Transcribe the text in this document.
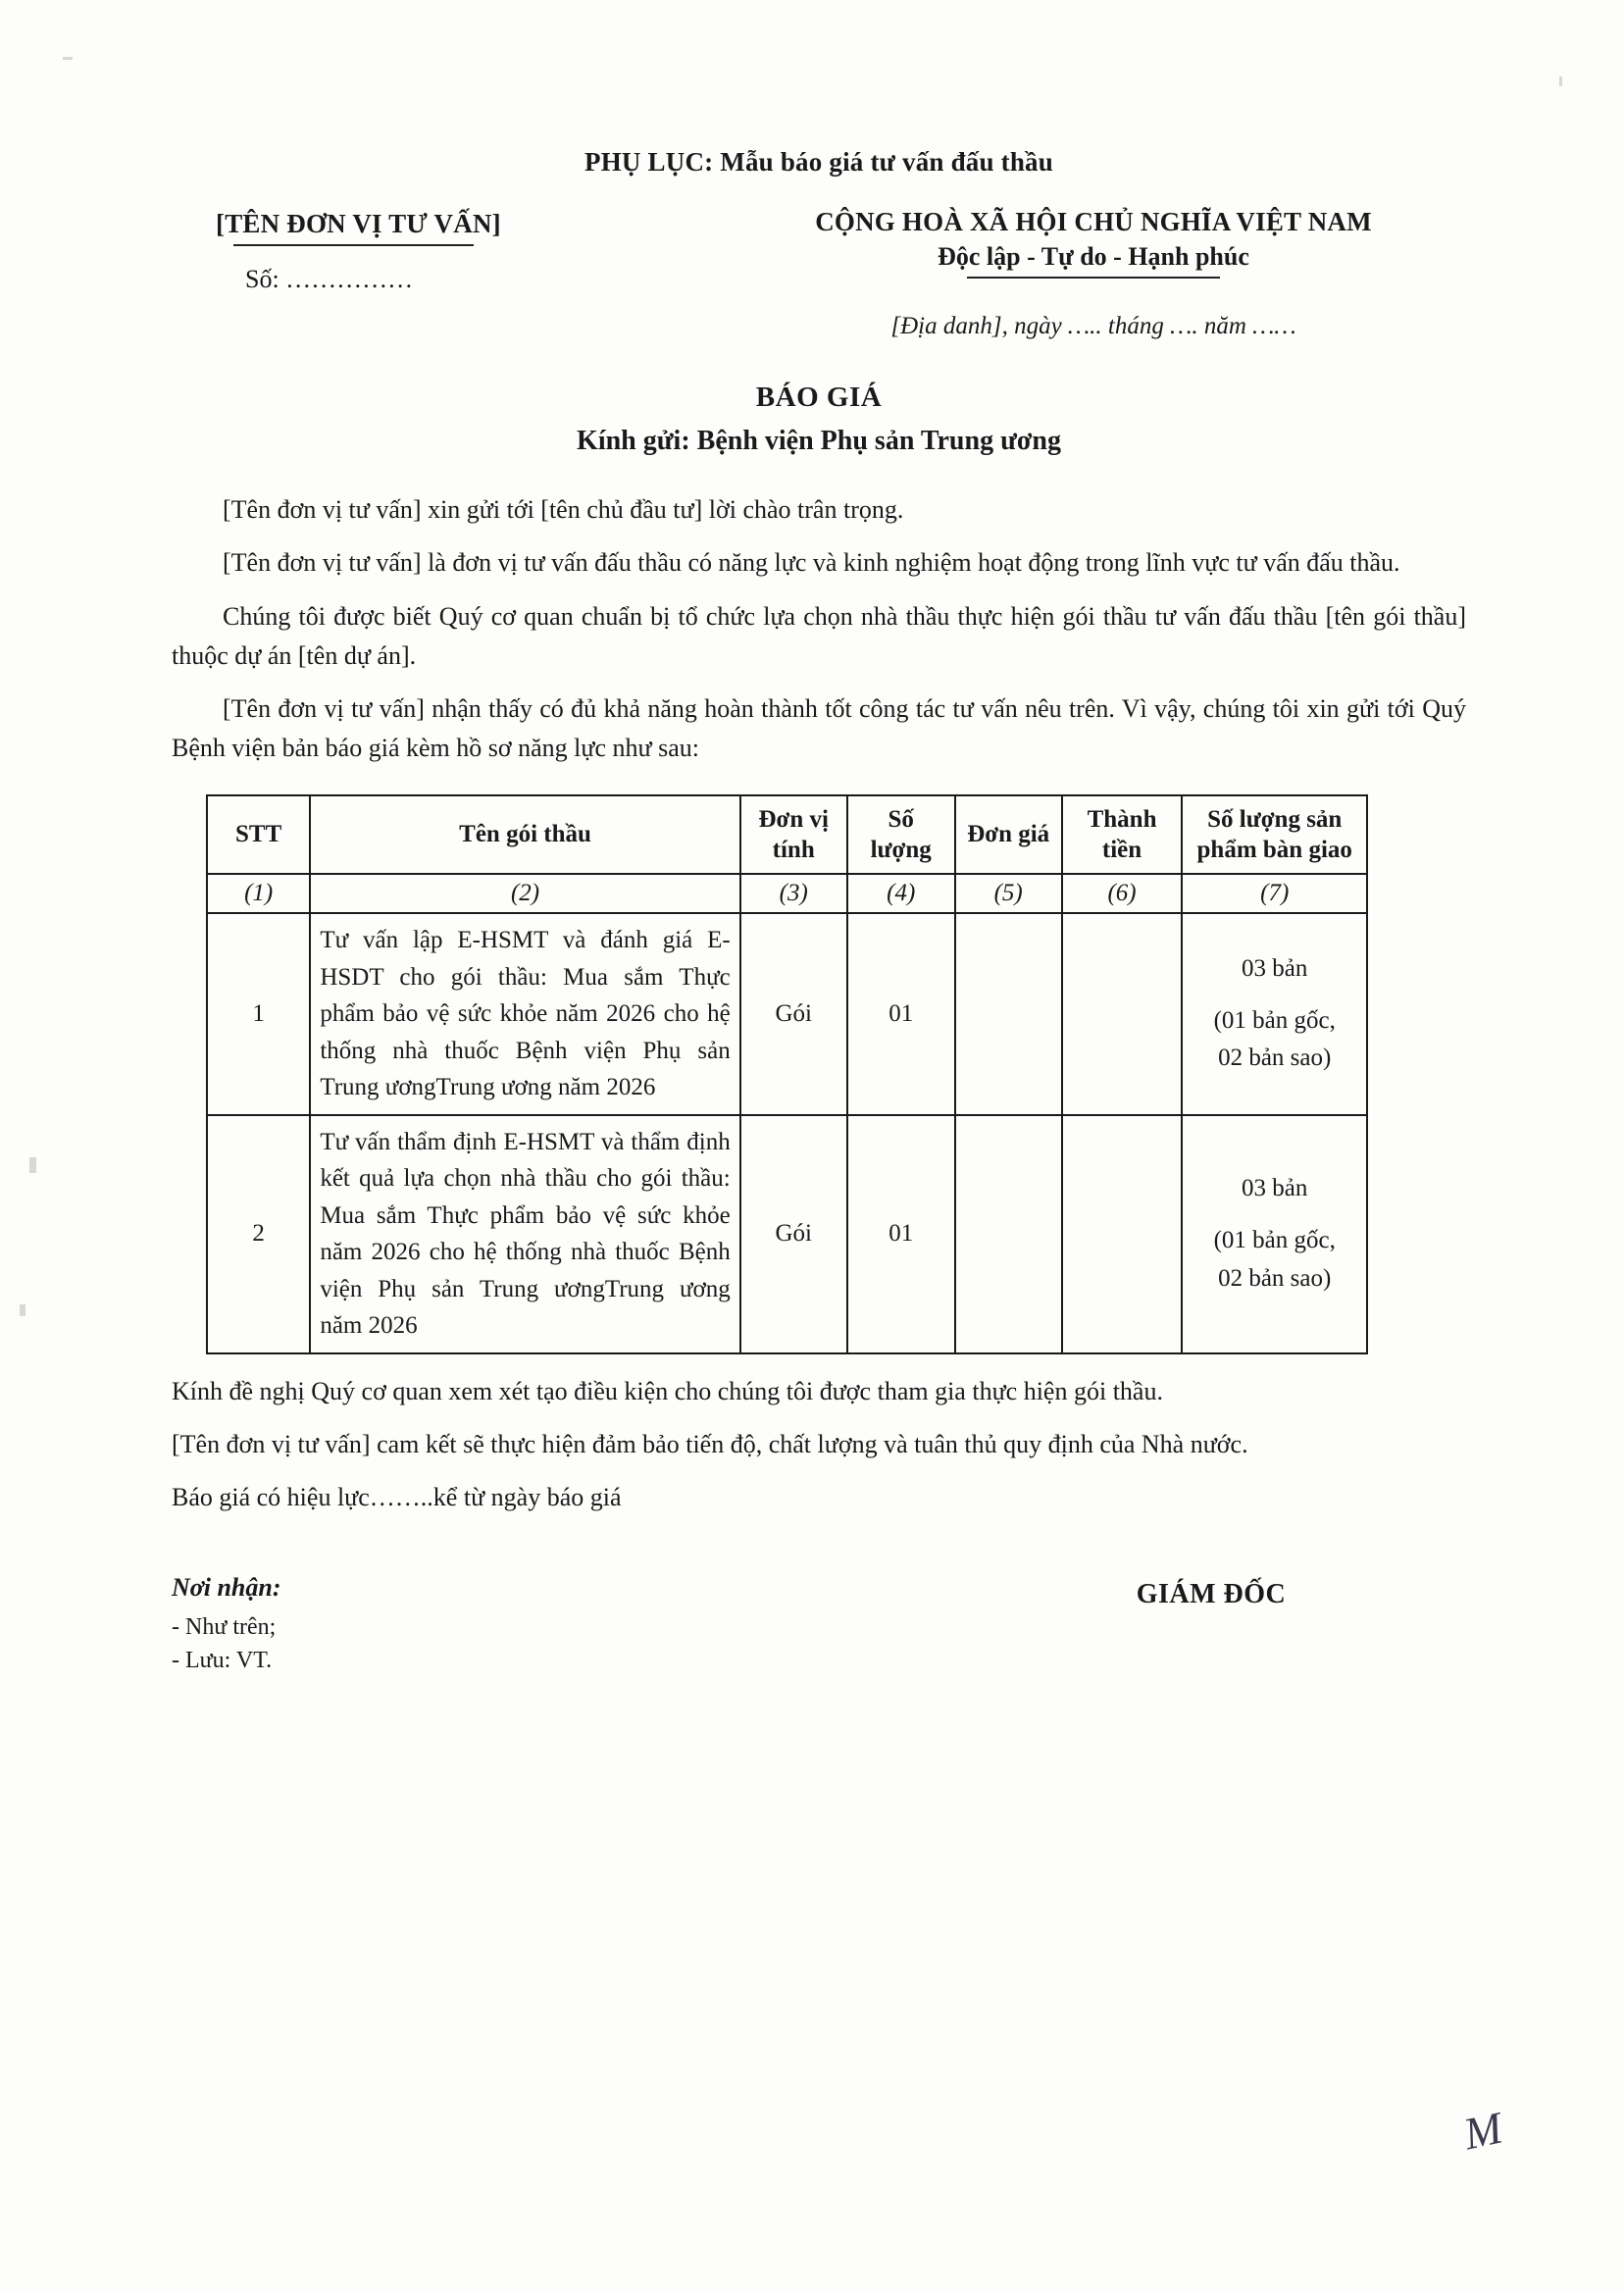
PHỤ LỤC: Mẫu báo giá tư vấn đấu thầu
[TÊN ĐƠN VỊ TƯ VẤN]
Số: ……………
CỘNG HOÀ XÃ HỘI CHỦ NGHĨA VIỆT NAM
Độc lập - Tự do - Hạnh phúc
[Địa danh], ngày ….. tháng …. năm ……
BÁO GIÁ
Kính gửi: Bệnh viện Phụ sản Trung ương

[Tên đơn vị tư vấn] xin gửi tới [tên chủ đầu tư] lời chào trân trọng.

[Tên đơn vị tư vấn] là đơn vị tư vấn đấu thầu có năng lực và kinh nghiệm hoạt động trong lĩnh vực tư vấn đấu thầu.

Chúng tôi được biết Quý cơ quan chuẩn bị tổ chức lựa chọn nhà thầu thực hiện gói thầu tư vấn đấu thầu [tên gói thầu] thuộc dự án [tên dự án].

[Tên đơn vị tư vấn] nhận thấy có đủ khả năng hoàn thành tốt công tác tư vấn nêu trên. Vì vậy, chúng tôi xin gửi tới Quý Bệnh viện bản báo giá kèm hồ sơ năng lực như sau:

STT	Tên gói thầu	Đơn vị tính	Số lượng	Đơn giá	Thành tiền	Số lượng sản phẩm bàn giao
(1)	(2)	(3)	(4)	(5)	(6)	(7)
1	Tư vấn lập E-HSMT và đánh giá E-HSDT cho gói thầu: Mua sắm Thực phẩm bảo vệ sức khỏe năm 2026 cho hệ thống nhà thuốc Bệnh viện Phụ sản Trung ươngTrung ương năm 2026	Gói	01			03 bản
(01 bản gốc,
02 bản sao)

2	Tư vấn thẩm định E-HSMT và thẩm định kết quả lựa chọn nhà thầu cho gói thầu: Mua sắm Thực phẩm bảo vệ sức khỏe năm 2026 cho hệ thống nhà thuốc Bệnh viện Phụ sản Trung ươngTrung ương năm 2026	Gói	01			03 bản
(01 bản gốc,
02 bản sao)

Kính đề nghị Quý cơ quan xem xét tạo điều kiện cho chúng tôi được tham gia thực hiện gói thầu.

[Tên đơn vị tư vấn] cam kết sẽ thực hiện đảm bảo tiến độ, chất lượng và tuân thủ quy định của Nhà nước.

Báo giá có hiệu lực……..kể từ ngày báo giá

Nơi nhận:
- Như trên;
- Lưu: VT.
GIÁM ĐỐC
M
